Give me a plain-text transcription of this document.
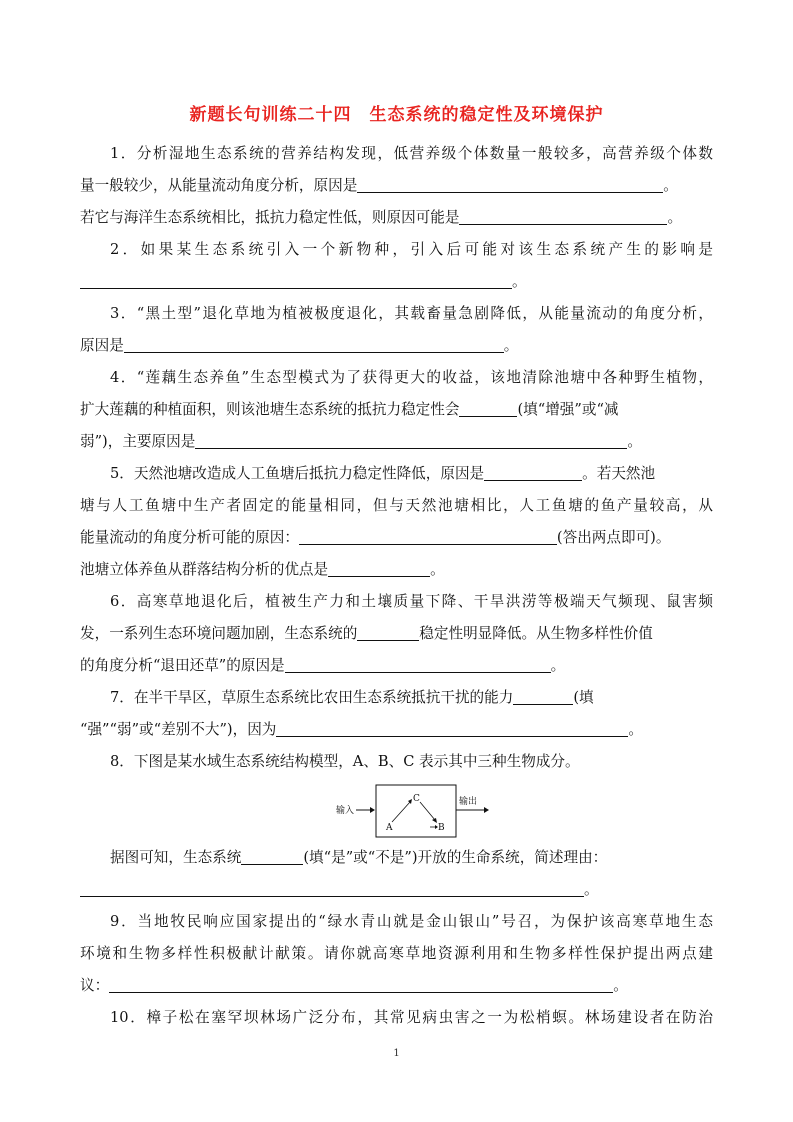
新题长句训练二十四　生态系统的稳定性及环境保护
1．分析湿地生态系统的营养结构发现，低营养级个体数量一般较多，高营养级个体数
量一般较少，从能量流动角度分析，原因是	。
若它与海洋生态系统相比，抵抗力稳定性低，则原因可能是	。
2．如果某生态系统引入一个新物种，引入后可能对该生态系统产生的影响是
。
3．“黑土型”退化草地为植被极度退化，其载畜量急剧降低，从能量流动的角度分析，
原因是	。
4．“莲藕生态养鱼”生态型模式为了获得更大的收益，该地清除池塘中各种野生植物，
扩大莲藕的种植面积，则该池塘生态系统的抵抗力稳定性会	(填“增强”或“减
弱”)，主要原因是	。
5．天然池塘改造成人工鱼塘后抵抗力稳定性降低，原因是	。若天然池
塘与人工鱼塘中生产者固定的能量相同，但与天然池塘相比，人工鱼塘的鱼产量较高，从
能量流动的角度分析可能的原因：	(答出两点即可)。
池塘立体养鱼从群落结构分析的优点是	。
6．高寒草地退化后，植被生产力和土壤质量下降、干旱洪涝等极端天气频现、鼠害频
发，一系列生态环境问题加剧，生态系统的	稳定性明显降低。从生物多样性价值
的角度分析“退田还草”的原因是	。
7．在半干旱区，草原生态系统比农田生态系统抵抗干扰的能力	(填
“强”“弱”或“差别不大”)，因为	。
8．下图是某水域生态系统结构模型，A、B、C 表示其中三种生物成分。
输入
C
A	B
输出
据图可知，生态系统	(填“是”或“不是”)开放的生命系统，简述理由：
。
9．当地牧民响应国家提出的“绿水青山就是金山银山”号召，为保护该高寒草地生态
环境和生物多样性积极献计献策。请你就高寒草地资源利用和生物多样性保护提出两点建
议：	。
10．樟子松在塞罕坝林场广泛分布，其常见病虫害之一为松梢螟。林场建设者在防治
1
